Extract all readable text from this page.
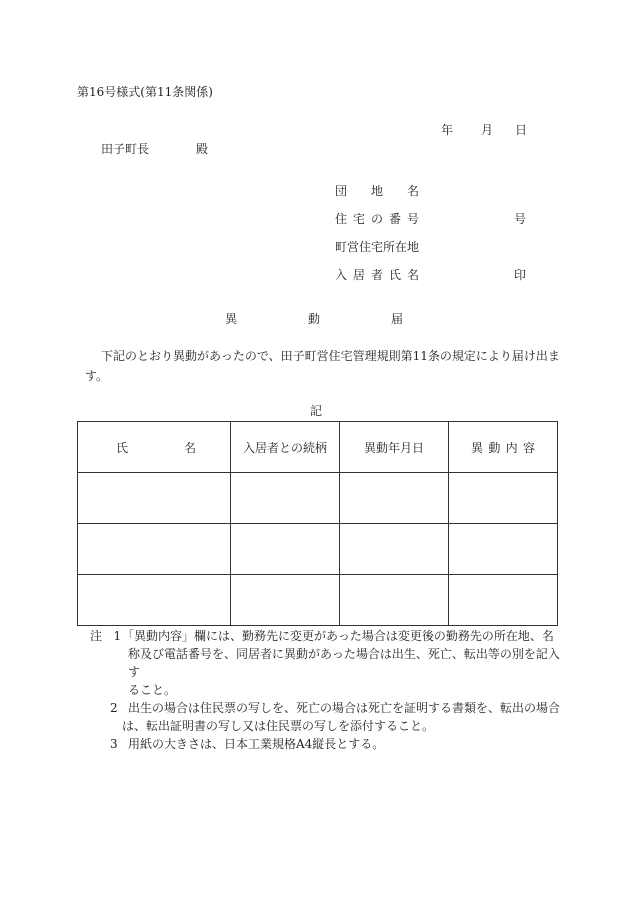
第16号様式(第11条関係)
年 月 日
田子町長	殿
団 地 名
住 宅 の 番 号	号
町営住宅所在地
入 居 者 氏 名	印
異	動	届
下記のとおり異動があったので、田子町営住宅管理規則第11条の規定により届け出ま
す。
記
氏 名	入居者との続柄	異動年月日	異 動 内 容

注 1 「異動内容」欄には、勤務先に変更があった場合は変更後の勤務先の所在地、名
称及び電話番号を、同居者に異動があった場合は出生、死亡、転出等の別を記入す
ること。
2 出生の場合は住民票の写しを、死亡の場合は死亡を証明する書類を、転出の場合
は、転出証明書の写し又は住民票の写しを添付すること。
3 用紙の大きさは、日本工業規格A4縦長とする。
